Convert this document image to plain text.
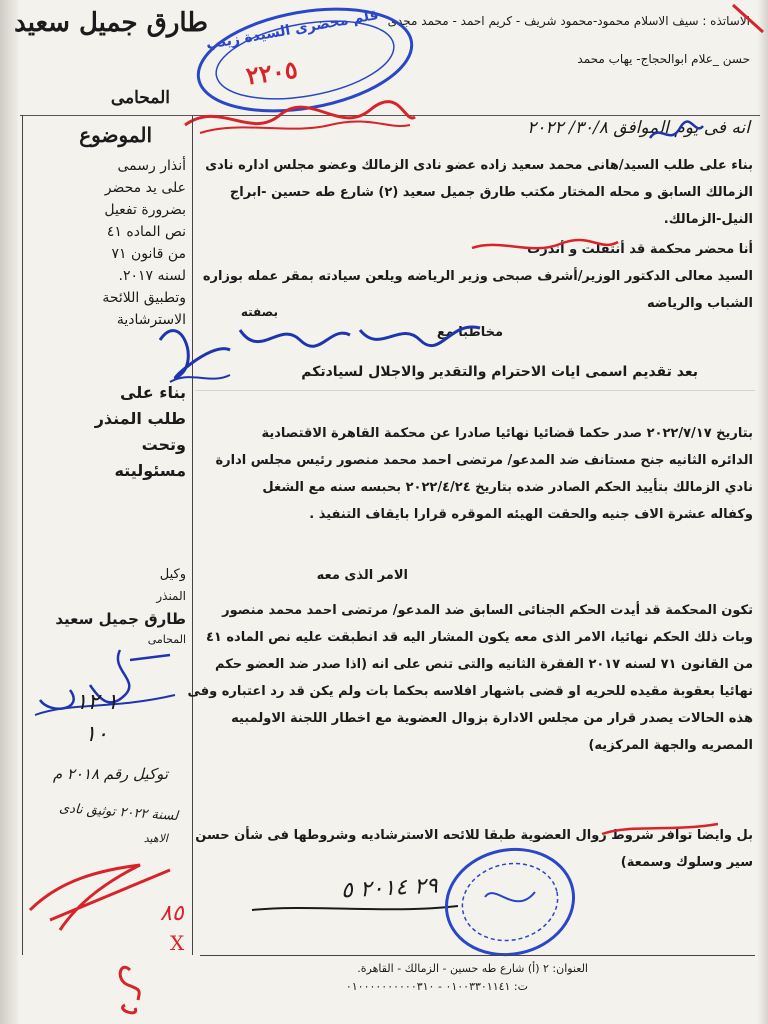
طارق جميل سعيد
المحامى
الاساتذه : سيف الاسلام محمود-محمود شريف - كريم احمد - محمد مجدى
حسن _علام ابوالحجاج- يهاب محمد
قلم محضرى السيدة زينب
٢٢٠٥
انه فى يوم الموافق ٣٠/٨/ ٢٠٢٢
الموضوع
أنذار رسمى
على يد محضر
بضرورة تفعيل
نص الماده ٤١
من قانون ٧١
لسنه ٢٠١٧.
وتطبيق اللائحة
الاسترشادية
بناء على
طلب المنذر
وتحت
مسئوليته
وكيل
المنذر
طارق جميل سعيد
المحامى
١ ١٢
١٠
توكيل رقم ٢٠١٨ م
لسنة ٢٠٢٢ توثيق نادى
الاهيد
٨٥
X
بناء على طلب السيد/هانى محمد سعيد زاده عضو نادى الزمالك وعضو مجلس اداره نادى
الزمالك السابق و محله المختار مكتب طارق جميل سعيد (٢) شارع طه حسين -ابراج
النيل-الزمالك.
أنا محضر محكمة قد أنتقلت و أنذرت
السيد معالى الدكتور الوزير/أشرف صبحى وزير الرياضه ويلعن سيادته بمقر عمله بوزاره
الشباب والرياضه
مخاطبا مع
بصفته
بعد تقديم اسمى ايات الاحترام والتقدير والاجلال لسيادتكم
بتاريخ ٢٠٢٢/٧/١٧ صدر حكما قضائيا نهائيا صادرا عن محكمة القاهرة الاقتصادية
الدائره الثانيه جنح مستانف ضد المدعو/ مرتضى احمد محمد منصور رئيس مجلس ادارة
نادي الزمالك بتأييد الحكم الصادر ضده بتاريخ ٢٠٢٢/٤/٢٤ بحبسه سنه مع الشغل
وكفاله عشرة الاف جنيه والحقت الهيئه الموقره قرارا بايقاف التنفيذ .
الامر الذى معه
تكون المحكمة قد أيدت الحكم الجنائى السابق ضد المدعو/ مرتضى احمد محمد منصور
وبات ذلك الحكم نهائيا، الامر الذى معه يكون المشار اليه قد انطبقت عليه نص الماده ٤١
من القانون ٧١ لسنه ٢٠١٧ الفقرة الثانيه والتى تنص على انه (اذا صدر ضد العضو حكم
نهائيا بعقوبة مقيده للحريه او قضى باشهار افلاسه بحكما بات ولم يكن قد رد اعتباره وفى
هذه الحالات يصدر قرار من مجلس الادارة بزوال العضوية مع اخطار اللجنة الاولمبيه
المصريه والجهة المركزيه)
بل وايضا توافر شروط زوال العضوية طبقا للائحه الاسترشاديه وشروطها فى شأن حسن
سير وسلوك وسمعة)
٢٩ ٢٠١٤ ٥
العنوان: ٢ (أ) شارع طه حسين - الزمالك - القاهرة.
ت: ٠١٠٠٣٣٠١١٤١ - ٠١٠٠٠٠٠٠٠٠٠٠٣١٠
